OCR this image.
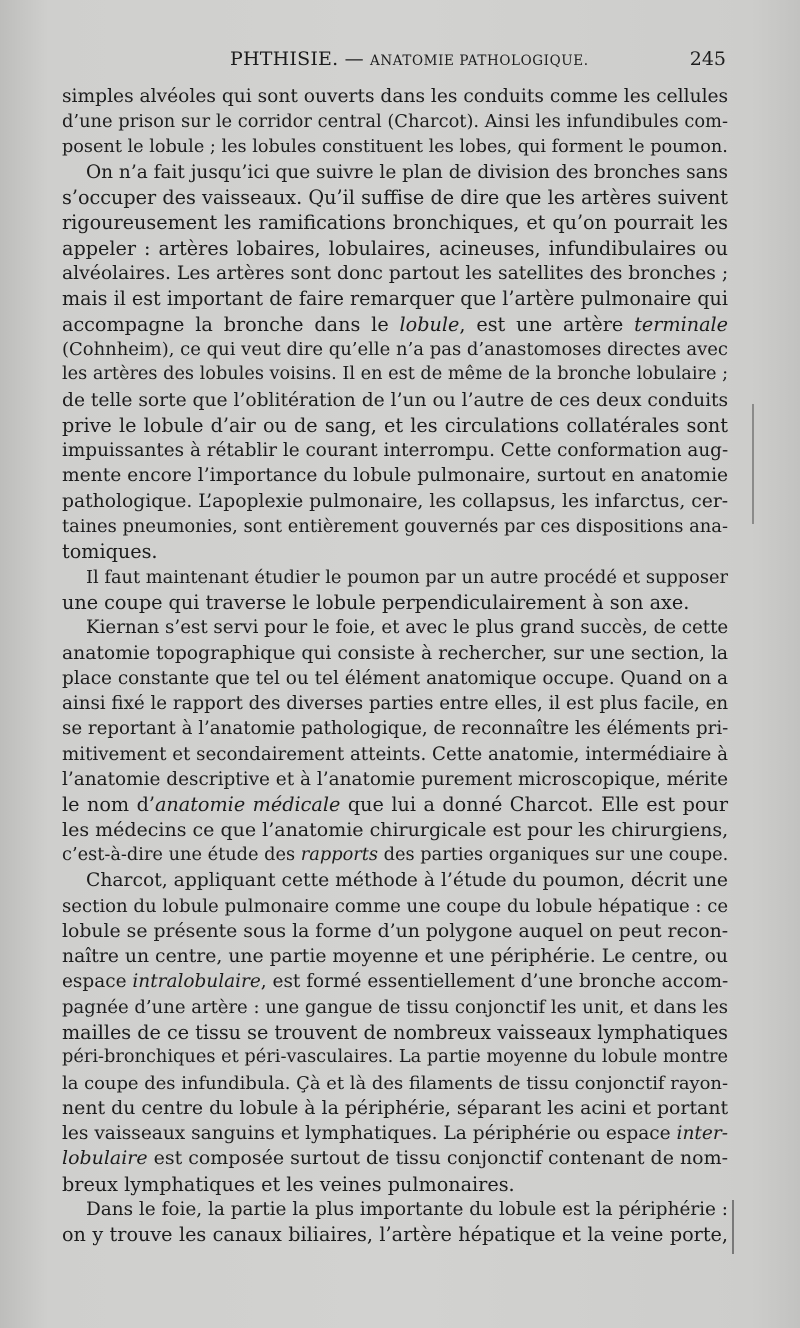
PHTHISIE. — ANATOMIE PATHOLOGIQUE.	245
simples alvéoles qui sont ouverts dans les conduits comme les cellules
d’une prison sur le corridor central (Charcot). Ainsi les infundibules com-
posent le lobule ; les lobules constituent les lobes, qui forment le poumon.
On n’a fait jusqu’ici que suivre le plan de division des bronches sans
s’occuper des vaisseaux. Qu’il suffise de dire que les artères suivent
rigoureusement les ramifications bronchiques, et qu’on pourrait les
appeler : artères lobaires, lobulaires, acineuses, infundibulaires ou
alvéolaires. Les artères sont donc partout les satellites des bronches ;
mais il est important de faire remarquer que l’artère pulmonaire qui
accompagne la bronche dans le lobule, est une artère terminale
(Cohnheim), ce qui veut dire qu’elle n’a pas d’anastomoses directes avec
les artères des lobules voisins. Il en est de même de la bronche lobulaire ;
de telle sorte que l’oblitération de l’un ou l’autre de ces deux conduits
prive le lobule d’air ou de sang, et les circulations collatérales sont
impuissantes à rétablir le courant interrompu. Cette conformation aug-
mente encore l’importance du lobule pulmonaire, surtout en anatomie
pathologique. L’apoplexie pulmonaire, les collapsus, les infarctus, cer-
taines pneumonies, sont entièrement gouvernés par ces dispositions ana-
tomiques.
Il faut maintenant étudier le poumon par un autre procédé et supposer
une coupe qui traverse le lobule perpendiculairement à son axe.
Kiernan s’est servi pour le foie, et avec le plus grand succès, de cette
anatomie topographique qui consiste à rechercher, sur une section, la
place constante que tel ou tel élément anatomique occupe. Quand on a
ainsi fixé le rapport des diverses parties entre elles, il est plus facile, en
se reportant à l’anatomie pathologique, de reconnaître les éléments pri-
mitivement et secondairement atteints. Cette anatomie, intermédiaire à
l’anatomie descriptive et à l’anatomie purement microscopique, mérite
le nom d’anatomie médicale que lui a donné Charcot. Elle est pour
les médecins ce que l’anatomie chirurgicale est pour les chirurgiens,
c’est-à-dire une étude des rapports des parties organiques sur une coupe.
Charcot, appliquant cette méthode à l’étude du poumon, décrit une
section du lobule pulmonaire comme une coupe du lobule hépatique : ce
lobule se présente sous la forme d’un polygone auquel on peut recon-
naître un centre, une partie moyenne et une périphérie. Le centre, ou
espace intralobulaire, est formé essentiellement d’une bronche accom-
pagnée d’une artère : une gangue de tissu conjonctif les unit, et dans les
mailles de ce tissu se trouvent de nombreux vaisseaux lymphatiques
péri-bronchiques et péri-vasculaires. La partie moyenne du lobule montre
la coupe des infundibula. Çà et là des filaments de tissu conjonctif rayon-
nent du centre du lobule à la périphérie, séparant les acini et portant
les vaisseaux sanguins et lymphatiques. La périphérie ou espace inter-
lobulaire est composée surtout de tissu conjonctif contenant de nom-
breux lymphatiques et les veines pulmonaires.
Dans le foie, la partie la plus importante du lobule est la périphérie :
on y trouve les canaux biliaires, l’artère hépatique et la veine porte,
